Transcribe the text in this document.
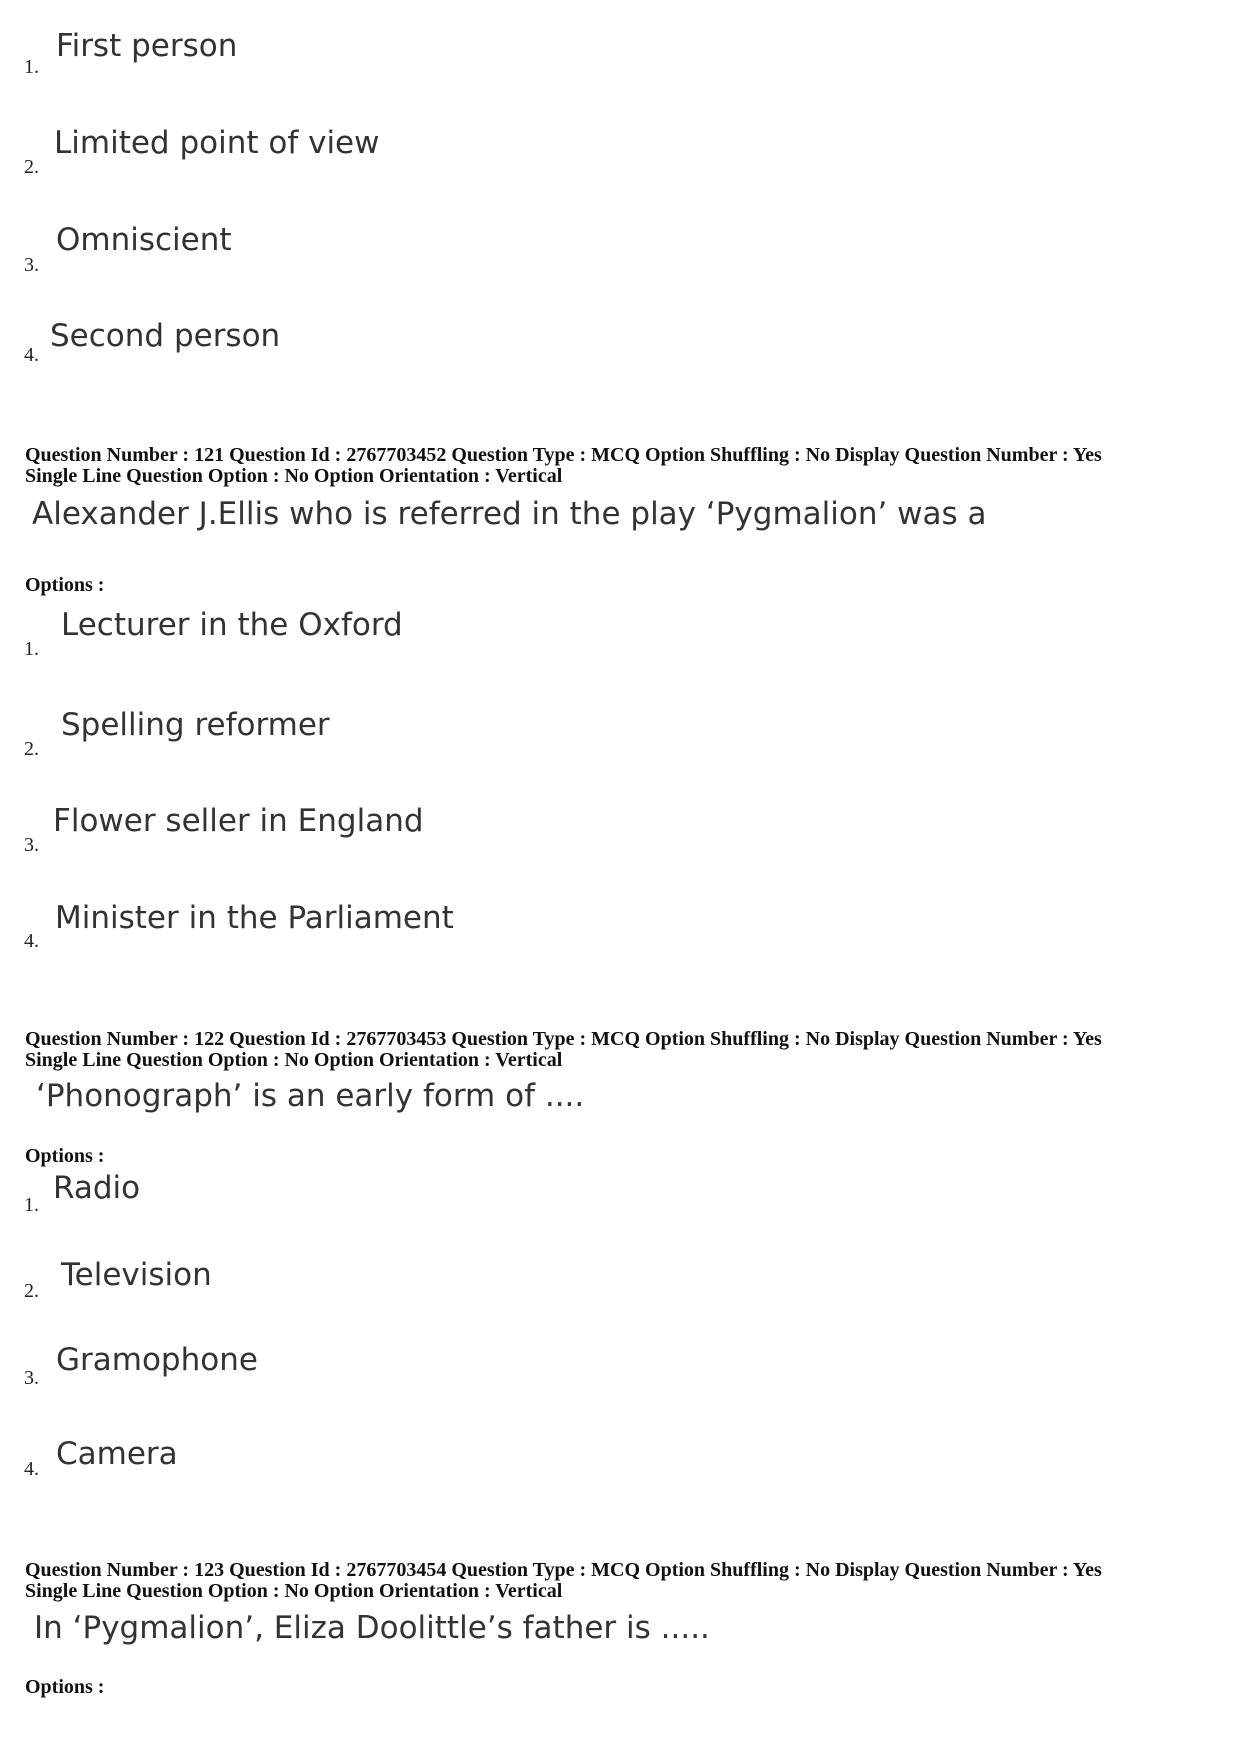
1.
First person
2.
Limited point of view
3.
Omniscient
4.
Second person
Question Number : 121 Question Id : 2767703452 Question Type : MCQ Option Shuffling : No Display Question Number : Yes
Single Line Question Option : No Option Orientation : Vertical
Alexander J.Ellis who is referred in the play ‘Pygmalion’ was a
Options :
1.
Lecturer in the Oxford
2.
Spelling reformer
3.
Flower seller in England
4.
Minister in the Parliament
Question Number : 122 Question Id : 2767703453 Question Type : MCQ Option Shuffling : No Display Question Number : Yes
Single Line Question Option : No Option Orientation : Vertical
‘Phonograph’ is an early form of ....
Options :
1. Radio
2. Television
3. Gramophone
4. Camera
Question Number : 123 Question Id : 2767703454 Question Type : MCQ Option Shuffling : No Display Question Number : Yes
Single Line Question Option : No Option Orientation : Vertical
In ‘Pygmalion’, Eliza Doolittle’s father is .....
Options :
